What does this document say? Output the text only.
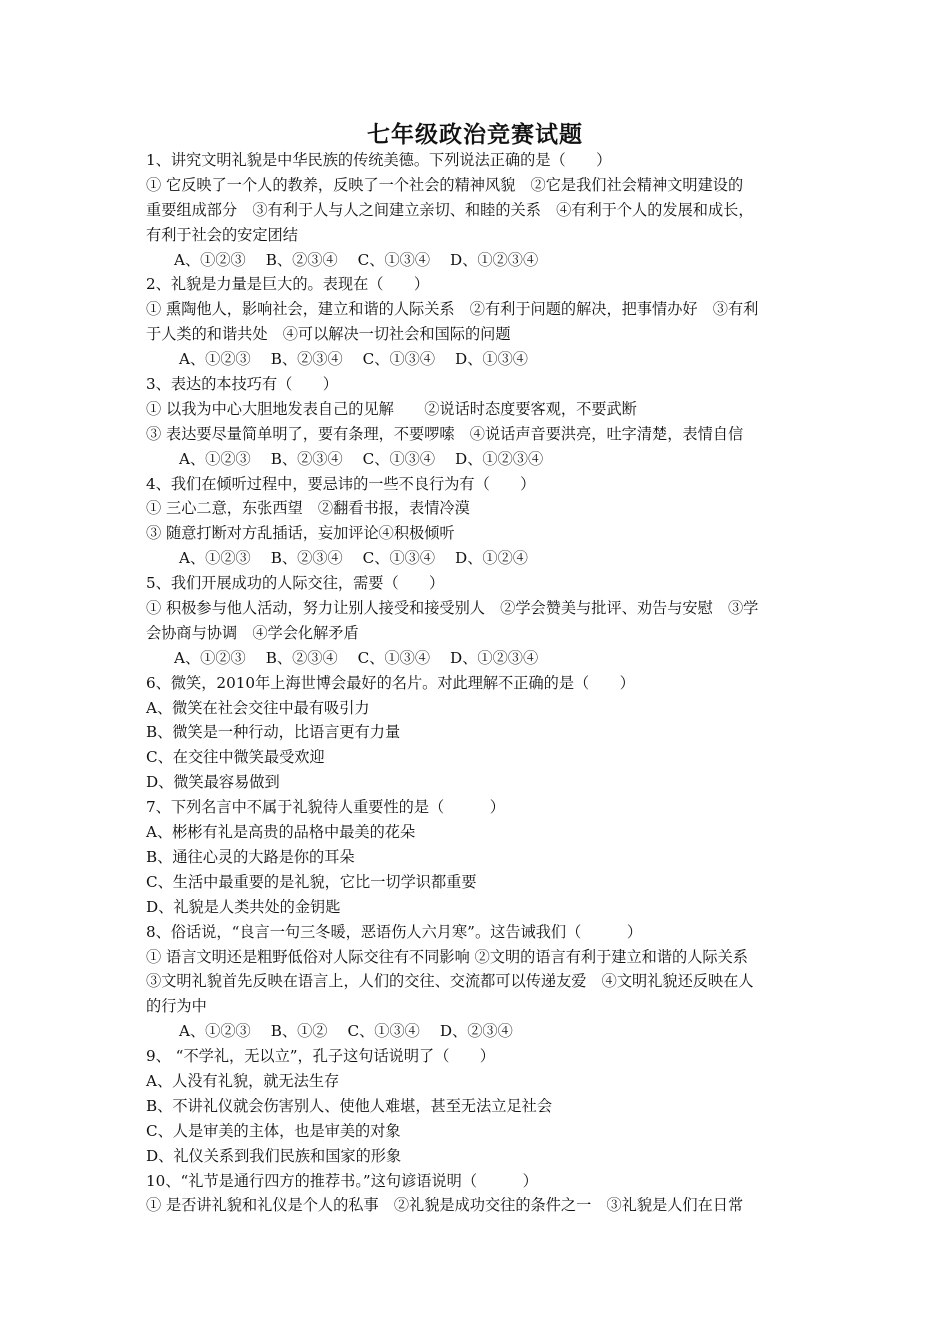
七年级政治竞赛试题
1、讲究文明礼貌是中华民族的传统美德。下列说法正确的是（　　）
① 它反映了一个人的教养，反映了一个社会的精神风貌　②它是我们社会精神文明建设的
重要组成部分　③有利于人与人之间建立亲切、和睦的关系　④有利于个人的发展和成长，
有利于社会的安定团结
A、①②③　 B、②③④　 C、①③④　 D、①②③④
2、礼貌是力量是巨大的。表现在（　　）
① 熏陶他人，影响社会，建立和谐的人际关系　②有利于问题的解决，把事情办好　③有利
于人类的和谐共处　④可以解决一切社会和国际的问题
A、①②③　 B、②③④　 C、①③④　 D、①③④
3、表达的本技巧有（　　）
① 以我为中心大胆地发表自己的见解　　②说话时态度要客观，不要武断
③ 表达要尽量简单明了，要有条理，不要啰嗦　④说话声音要洪亮，吐字清楚，表情自信
A、①②③　 B、②③④　 C、①③④　 D、①②③④
4、我们在倾听过程中，要忌讳的一些不良行为有（　　）
① 三心二意，东张西望　②翻看书报，表情冷漠
③ 随意打断对方乱插话，妄加评论④积极倾听
A、①②③　 B、②③④　 C、①③④　 D、①②④
5、我们开展成功的人际交往，需要（　　）
① 积极参与他人活动，努力让别人接受和接受别人　②学会赞美与批评、劝告与安慰　③学
会协商与协调　④学会化解矛盾
A、①②③　 B、②③④　 C、①③④　 D、①②③④
6、微笑，2010年上海世博会最好的名片。对此理解不正确的是（　　）
A、微笑在社会交往中最有吸引力
B、微笑是一种行动，比语言更有力量
C、在交往中微笑最受欢迎
D、微笑最容易做到
7、下列名言中不属于礼貌待人重要性的是（　　　）
A、彬彬有礼是高贵的品格中最美的花朵
B、通往心灵的大路是你的耳朵
C、生活中最重要的是礼貌，它比一切学识都重要
D、礼貌是人类共处的金钥匙
8、俗话说，“良言一句三冬暖，恶语伤人六月寒”。这告诫我们（　　　）
① 语言文明还是粗野低俗对人际交往有不同影响 ②文明的语言有利于建立和谐的人际关系
③文明礼貌首先反映在语言上，人们的交往、交流都可以传递友爱　④文明礼貌还反映在人
的行为中
A、①②③　 B、①②　 C、①③④　 D、②③④
9、 “不学礼，无以立”，孔子这句话说明了（　　）
A、人没有礼貌，就无法生存
B、不讲礼仪就会伤害别人、使他人难堪，甚至无法立足社会
C、人是审美的主体，也是审美的对象
D、礼仪关系到我们民族和国家的形象
10、“礼节是通行四方的推荐书。”这句谚语说明（　　　）
① 是否讲礼貌和礼仪是个人的私事　②礼貌是成功交往的条件之一　③礼貌是人们在日常
